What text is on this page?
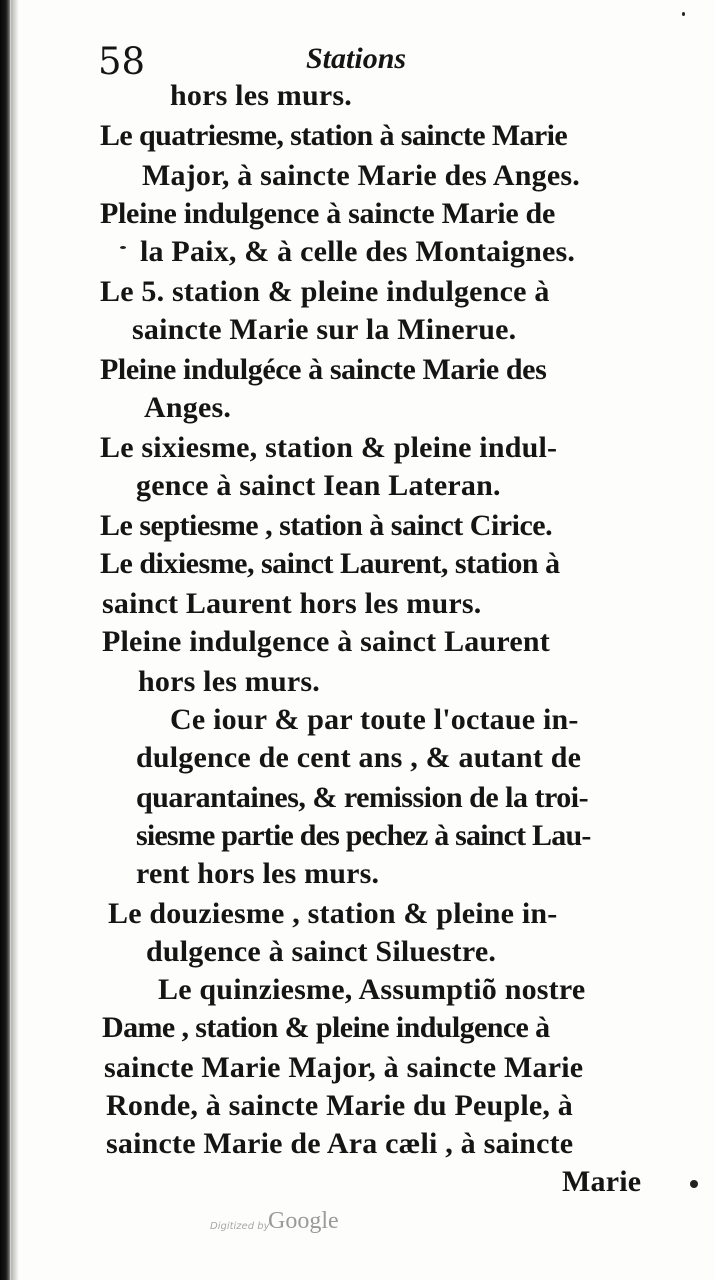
58	Stations
hors les murs.
Le quatriesme, station à saincte Marie
Major, à saincte Marie des Anges.
Pleine indulgence à saincte Marie de
la Paix, & à celle des Montaignes.
Le 5. station & pleine indulgence à
saincte Marie sur la Minerue.
Pleine indulgéce à saincte Marie des
Anges.
Le sixiesme, station & pleine indul-
gence à sainct Iean Lateran.
Le septiesme , station à sainct Cirice.
Le dixiesme, sainct Laurent, station à
sainct Laurent hors les murs.
Pleine indulgence à sainct Laurent
hors les murs.
Ce iour & par toute l'octaue in-
dulgence de cent ans , & autant de
quarantaines, & remission de la troi-
siesme partie des pechez à sainct Lau-
rent hors les murs.
Le douziesme , station & pleine in-
dulgence à sainct Siluestre.
Le quinziesme, Assumptiõ nostre
Dame , station & pleine indulgence à
saincte Marie Major, à saincte Marie
Ronde, à saincte Marie du Peuple, à
saincte Marie de Ara cæli , à saincte
Marie
Digitized by
Google
